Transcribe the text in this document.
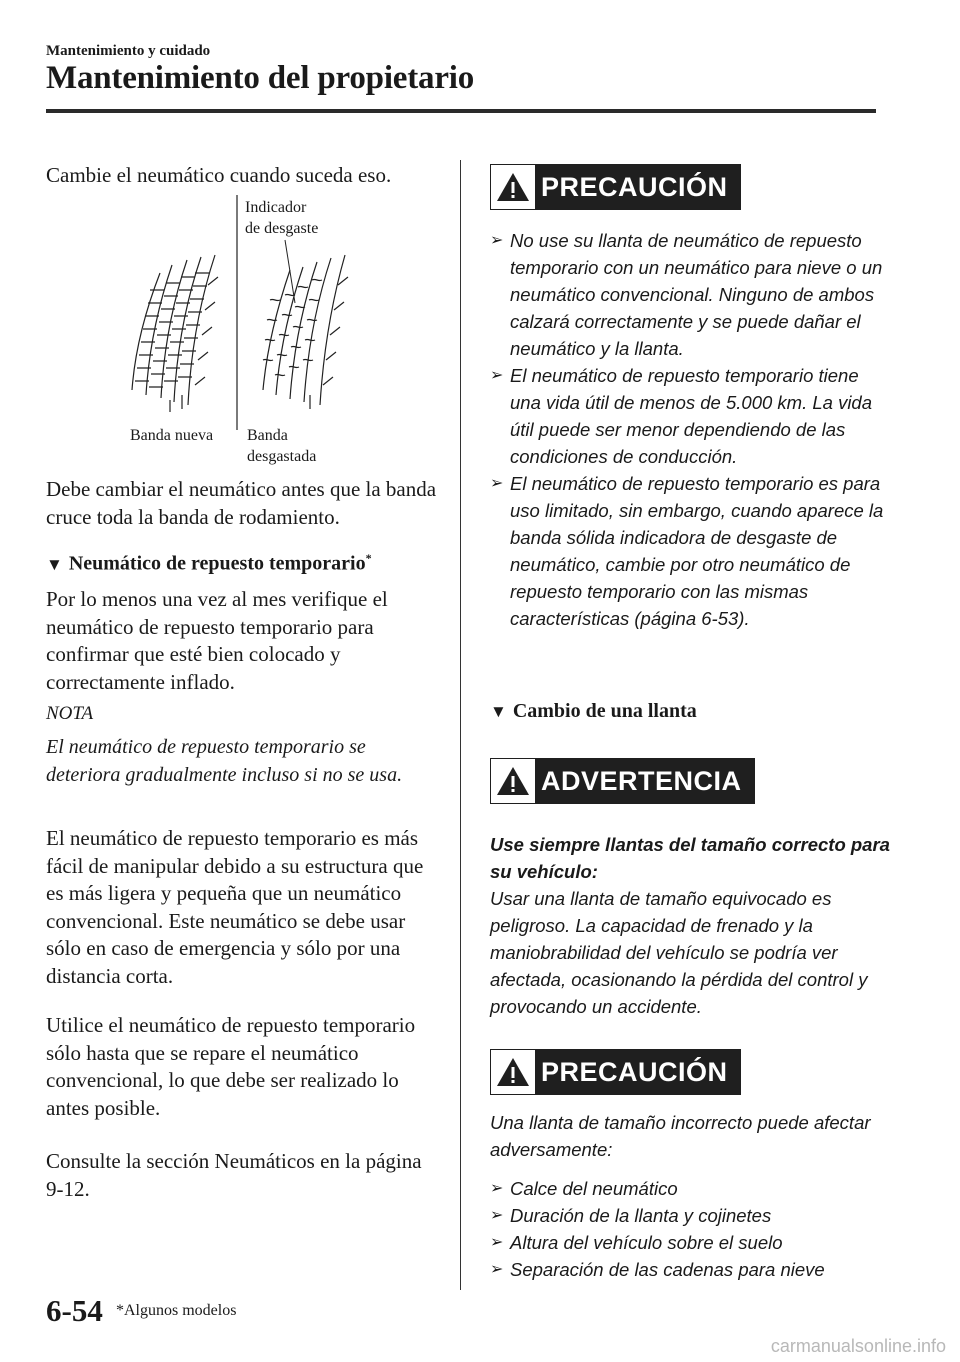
Mantenimiento y cuidado
Mantenimiento del propietario
Cambie el neumático cuando suceda eso.
Indicador
de desgaste
Banda nueva Banda
desgastada
Debe cambiar el neumático antes que la banda cruce toda la banda de rodamiento.
▼ Neumático de repuesto temporario*
Por lo menos una vez al mes verifique el neumático de repuesto temporario para confirmar que esté bien colocado y correctamente inflado.
NOTA
El neumático de repuesto temporario se deteriora gradualmente incluso si no se usa.
El neumático de repuesto temporario es más fácil de manipular debido a su estructura que es más ligera y pequeña que un neumático convencional. Este neumático se debe usar sólo en caso de emergencia y sólo por una distancia corta.
Utilice el neumático de repuesto temporario sólo hasta que se repare el neumático convencional, lo que debe ser realizado lo antes posible.
Consulte la sección Neumáticos en la página 9-12.
PRECAUCIÓN

➢ No use su llanta de neumático de repuesto temporario con un neumático para nieve o un neumático convencional. Ninguno de ambos calzará correctamente y se puede dañar el neumático y la llanta.

➢ El neumático de repuesto temporario tiene una vida útil de menos de 5.000 km. La vida útil puede ser menor dependiendo de las condiciones de conducción.

➢ El neumático de repuesto temporario es para uso limitado, sin embargo, cuando aparece la banda sólida indicadora de desgaste de neumático, cambie por otro neumático de repuesto temporario con las mismas características (página 6-53).

▼ Cambio de una llanta
ADVERTENCIA
Use siempre llantas del tamaño correcto para su vehículo:
Usar una llanta de tamaño equivocado es peligroso. La capacidad de frenado y la maniobrabilidad del vehículo se podría ver afectada, ocasionando la pérdida del control y provocando un accidente.
PRECAUCIÓN
Una llanta de tamaño incorrecto puede afectar adversamente:

➢ Calce del neumático

➢ Duración de la llanta y cojinetes

➢ Altura del vehículo sobre el suelo

➢ Separación de las cadenas para nieve

6-54 *Algunos modelos
carmanualsonline.info
